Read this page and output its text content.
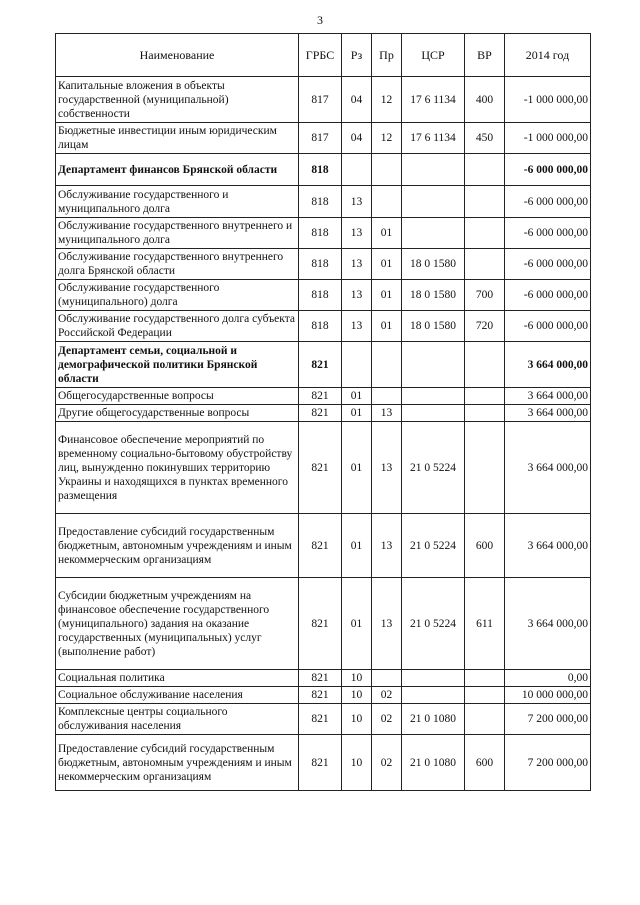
3
Наименование	ГРБС	Рз	Пр	ЦСР	ВР	2014 год
Капитальные вложения в объекты государственной (муниципальной) собственности	817	04	12	17 6 1134	400	-1 000 000,00
Бюджетные инвестиции иным юридическим лицам	817	04	12	17 6 1134	450	-1 000 000,00
Департамент финансов Брянской области	818					-6 000 000,00
Обслуживание государственного и муниципального долга	818	13				-6 000 000,00
Обслуживание государственного внутреннего и муниципального долга	818	13	01			-6 000 000,00
Обслуживание государственного внутреннего долга Брянской области	818	13	01	18 0 1580		-6 000 000,00
Обслуживание государственного (муниципального) долга	818	13	01	18 0 1580	700	-6 000 000,00
Обслуживание государственного долга субъекта Российской Федерации	818	13	01	18 0 1580	720	-6 000 000,00
Департамент семьи, социальной и демографической политики Брянской области	821					3 664 000,00
Общегосударственные вопросы	821	01				3 664 000,00
Другие общегосударственные вопросы	821	01	13			3 664 000,00
Финансовое обеспечение мероприятий по временному социально-бытовому обустройству лиц, вынужденно покинувших территорию Украины и находящихся в пунктах временного размещения	821	01	13	21 0 5224		3 664 000,00
Предоставление субсидий государственным бюджетным, автономным учреждениям и иным некоммерческим организациям	821	01	13	21 0 5224	600	3 664 000,00
Субсидии бюджетным учреждениям на финансовое обеспечение государственного (муниципального) задания на оказание государственных (муниципальных) услуг (выполнение работ)	821	01	13	21 0 5224	611	3 664 000,00
Социальная политика	821	10				0,00
Социальное обслуживание населения	821	10	02			10 000 000,00
Комплексные центры социального обслуживания населения	821	10	02	21 0 1080		7 200 000,00
Предоставление субсидий государственным бюджетным, автономным учреждениям и иным некоммерческим организациям	821	10	02	21 0 1080	600	7 200 000,00
